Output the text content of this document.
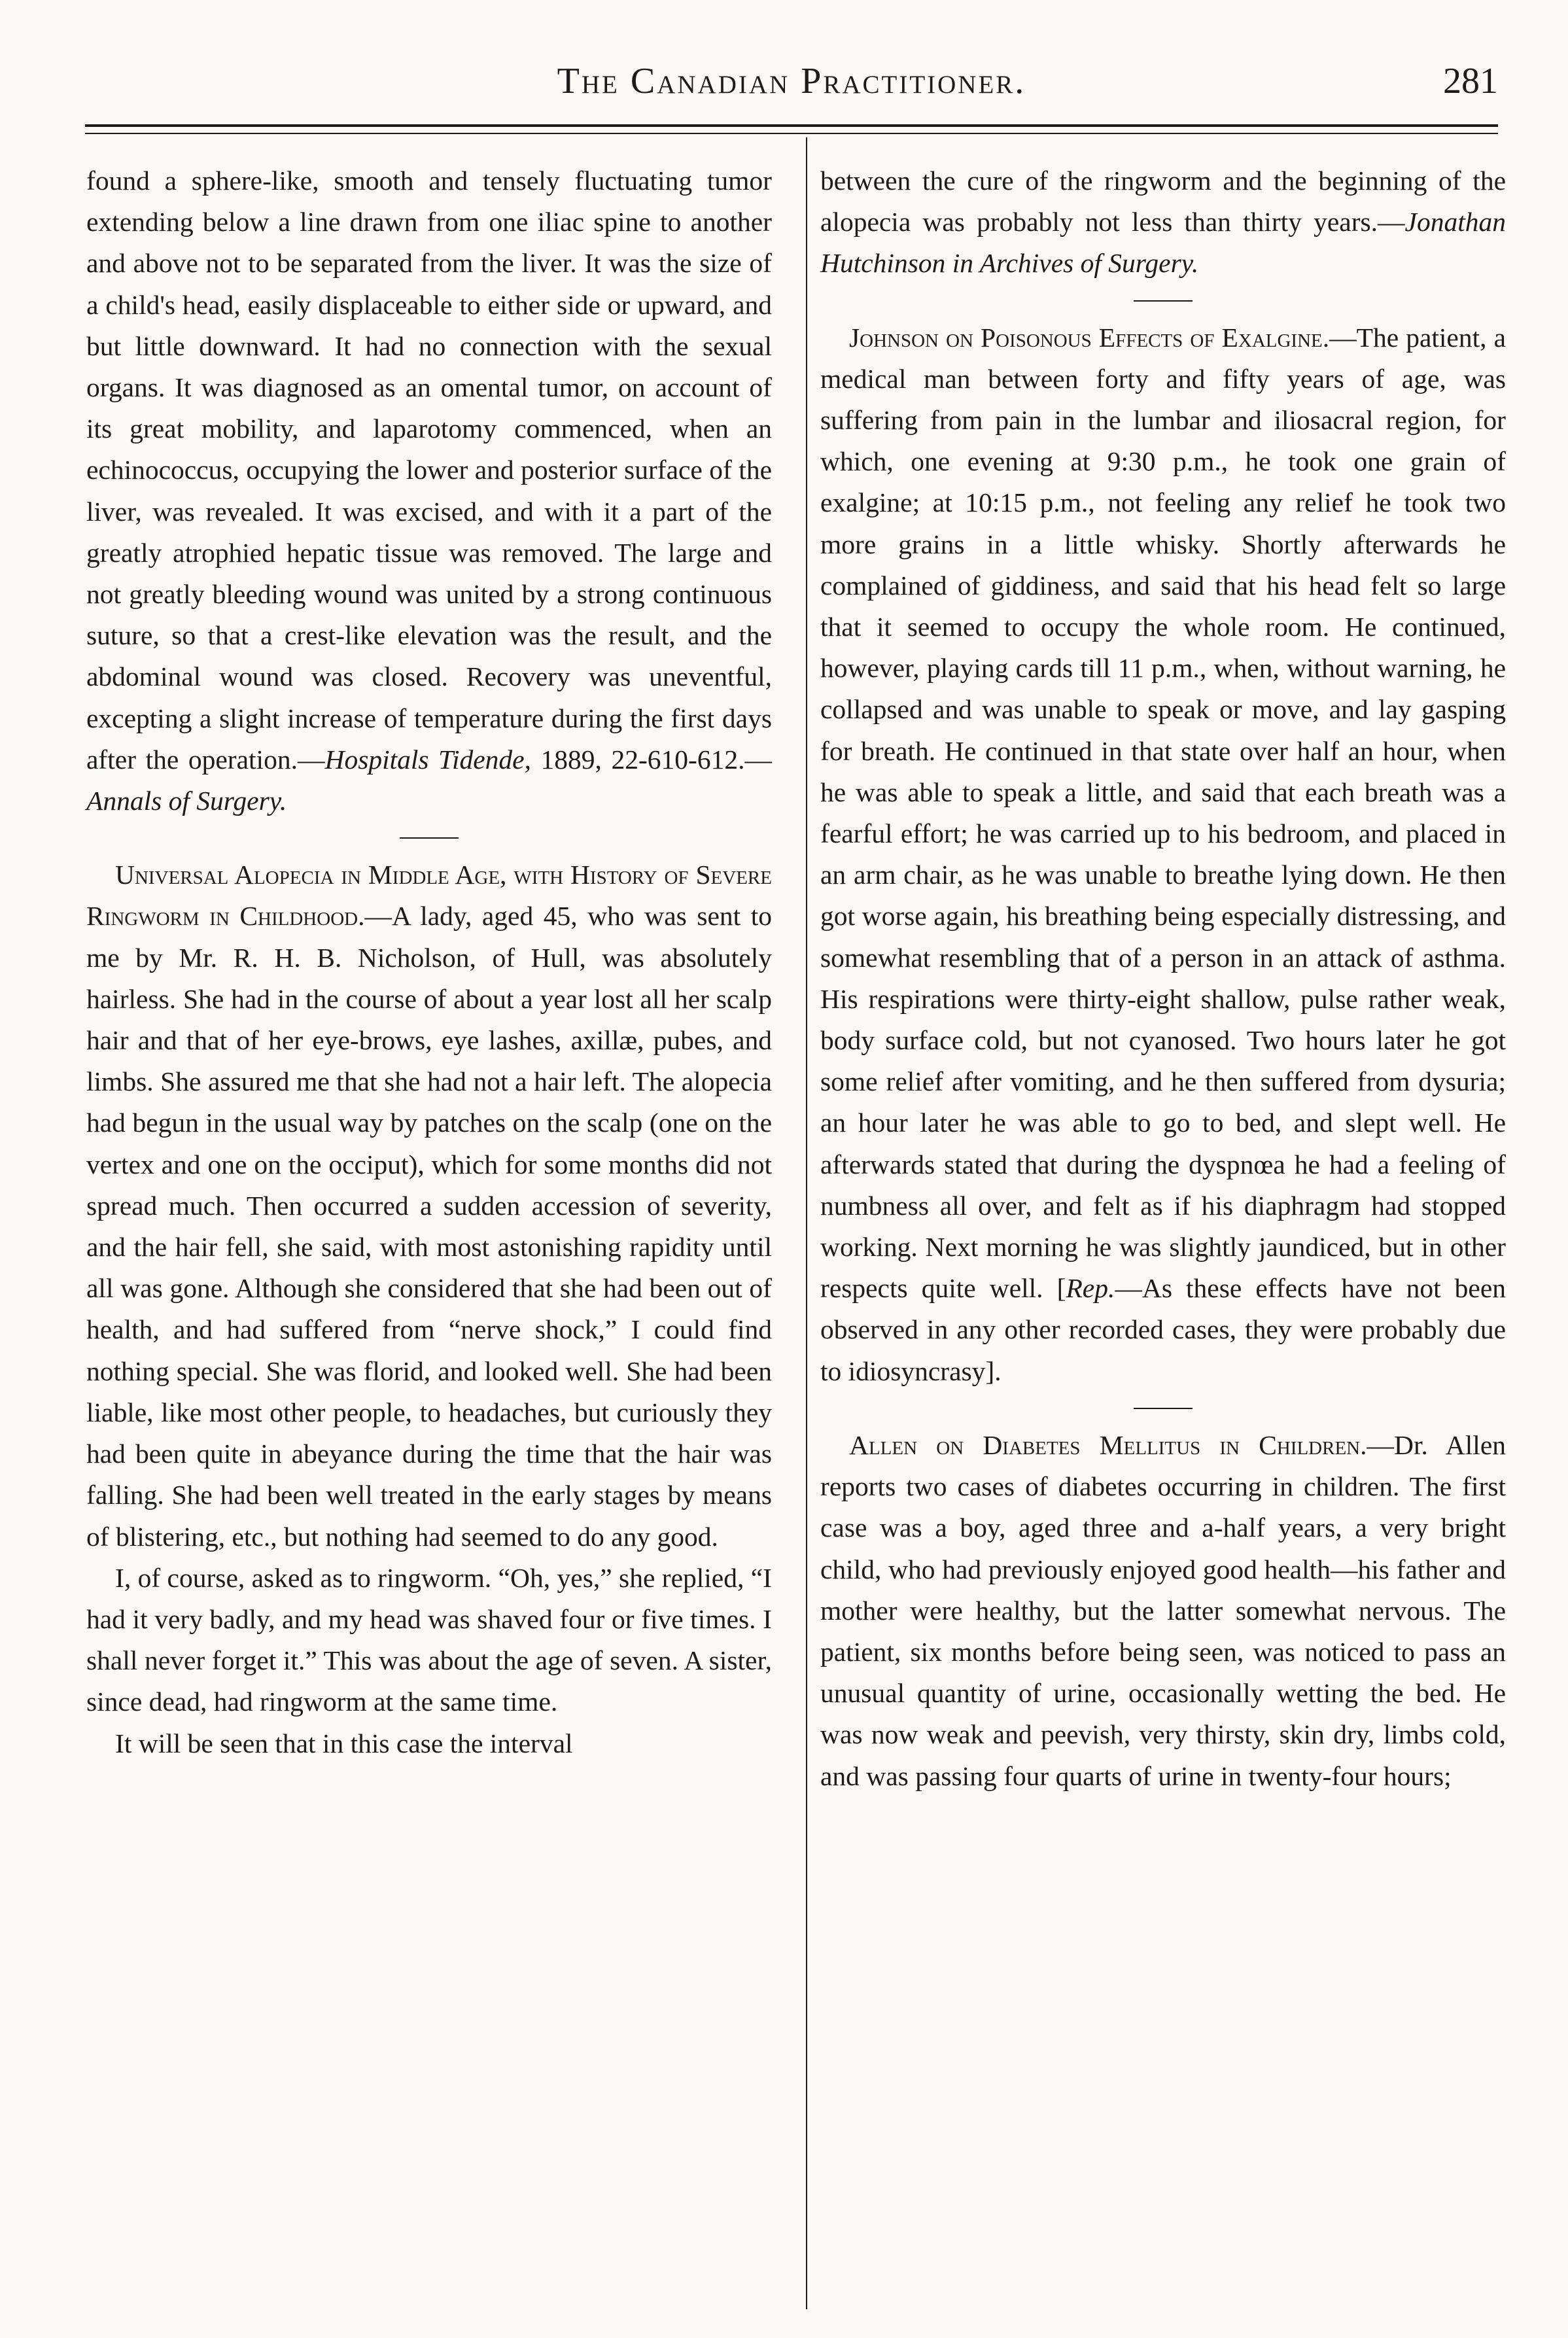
The Canadian Practitioner.	281

found a sphere-like, smooth and tensely fluctuating tumor extending below a line drawn from one iliac spine to another and above not to be separated from the liver. It was the size of a child's head, easily displaceable to either side or upward, and but little downward. It had no connection with the sexual organs. It was diagnosed as an omental tumor, on account of its great mobility, and laparotomy commenced, when an echinococcus, occupying the lower and posterior surface of the liver, was revealed. It was excised, and with it a part of the greatly atrophied hepatic tissue was removed. The large and not greatly bleeding wound was united by a strong continuous suture, so that a crest-like elevation was the result, and the abdominal wound was closed. Recovery was uneventful, excepting a slight increase of temperature during the first days after the operation.—Hospitals Tidende, 1889, 22-610-612.—Annals of Surgery.

Universal Alopecia in Middle Age, with History of Severe Ringworm in Childhood.—A lady, aged 45, who was sent to me by Mr. R. H. B. Nicholson, of Hull, was absolutely hairless. She had in the course of about a year lost all her scalp hair and that of her eye-brows, eye lashes, axillæ, pubes, and limbs. She assured me that she had not a hair left. The alopecia had begun in the usual way by patches on the scalp (one on the vertex and one on the occiput), which for some months did not spread much. Then occurred a sudden accession of severity, and the hair fell, she said, with most astonishing rapidity until all was gone. Although she considered that she had been out of health, and had suffered from “nerve shock,” I could find nothing special. She was florid, and looked well. She had been liable, like most other people, to headaches, but curiously they had been quite in abeyance during the time that the hair was falling. She had been well treated in the early stages by means of blistering, etc., but nothing had seemed to do any good.

I, of course, asked as to ringworm. “Oh, yes,” she replied, “I had it very badly, and my head was shaved four or five times. I shall never forget it.” This was about the age of seven. A sister, since dead, had ringworm at the same time.

It will be seen that in this case the interval

between the cure of the ringworm and the beginning of the alopecia was probably not less than thirty years.—Jonathan Hutchinson in Archives of Surgery.

Johnson on Poisonous Effects of Exalgine.—The patient, a medical man between forty and fifty years of age, was suffering from pain in the lumbar and iliosacral region, for which, one evening at 9:30 p.m., he took one grain of exalgine; at 10:15 p.m., not feeling any relief he took two more grains in a little whisky. Shortly afterwards he complained of giddiness, and said that his head felt so large that it seemed to occupy the whole room. He continued, however, playing cards till 11 p.m., when, without warning, he collapsed and was unable to speak or move, and lay gasping for breath. He continued in that state over half an hour, when he was able to speak a little, and said that each breath was a fearful effort; he was carried up to his bedroom, and placed in an arm chair, as he was unable to breathe lying down. He then got worse again, his breathing being especially distressing, and somewhat resembling that of a person in an attack of asthma. His respirations were thirty-eight shallow, pulse rather weak, body surface cold, but not cyanosed. Two hours later he got some relief after vomiting, and he then suffered from dysuria; an hour later he was able to go to bed, and slept well. He afterwards stated that during the dyspnœa he had a feeling of numbness all over, and felt as if his diaphragm had stopped working. Next morning he was slightly jaundiced, but in other respects quite well. [Rep.—As these effects have not been observed in any other recorded cases, they were probably due to idiosyncrasy].

Allen on Diabetes Mellitus in Children.—Dr. Allen reports two cases of diabetes occurring in children. The first case was a boy, aged three and a-half years, a very bright child, who had previously enjoyed good health—his father and mother were healthy, but the latter somewhat nervous. The patient, six months before being seen, was noticed to pass an unusual quantity of urine, occasionally wetting the bed. He was now weak and peevish, very thirsty, skin dry, limbs cold, and was passing four quarts of urine in twenty-four hours;
